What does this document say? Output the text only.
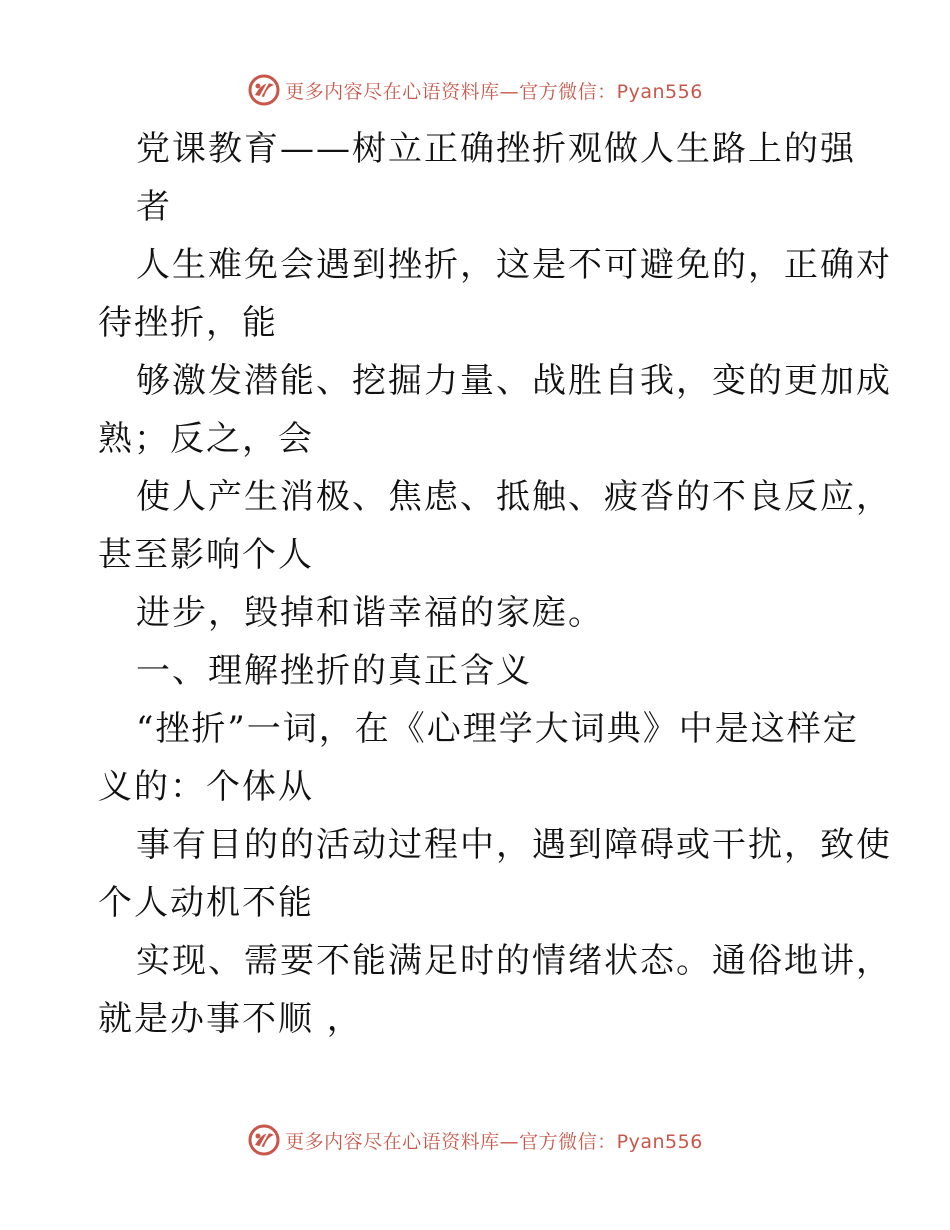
更多内容尽在心语资料库—官方微信：Pyan556
党课教育——树立正确挫折观做人生路上的强
者
人生难免会遇到挫折，这是不可避免的，正确对
待挫折，能
够激发潜能、挖掘力量、战胜自我，变的更加成
熟；反之，会
使人产生消极、焦虑、抵触、疲沓的不良反应，
甚至影响个人
进步，毁掉和谐幸福的家庭。
一、理解挫折的真正含义
“挫折”一词，在《心理学大词典》中是这样定
义的：个体从
事有目的的活动过程中，遇到障碍或干扰，致使
个人动机不能
实现、需要不能满足时的情绪状态。通俗地讲，
就是办事不顺 ，
更多内容尽在心语资料库—官方微信：Pyan556
